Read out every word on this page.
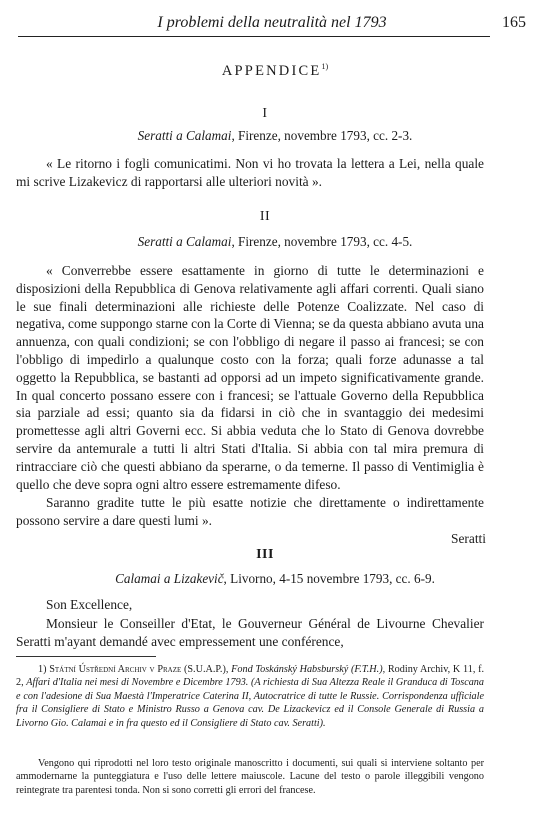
I problemi della neutralità nel 1793	165
APPENDICE$^{1)}$
I
Seratti a Calamai, Firenze, novembre 1793, cc. 2-3.
« Le ritorno i fogli comunicatimi. Non vi ho trovata la lettera a Lei, nella quale mi scrive Lizakevicz di rapportarsi alle ulteriori novità ».
II
Seratti a Calamai, Firenze, novembre 1793, cc. 4-5.
« Converrebbe essere esattamente in giorno di tutte le determinazioni e disposizioni della Repubblica di Genova relativamente agli affari correnti. Quali siano le sue finali determinazioni alle richieste delle Potenze Coalizzate. Nel caso di negativa, come suppongo starne con la Corte di Vienna; se da questa abbiano avuta una annuenza, con quali condizioni; se con l'obbligo di negare il passo ai francesi; se con l'obbligo di impedirlo a qualunque costo con la forza; quali forze adunasse a tal oggetto la Repubblica, se bastanti ad opporsi ad un impeto significativamente grande. In qual concerto possano essere con i francesi; se l'attuale Governo della Repubblica sia parziale ad essi; quanto sia da fidarsi in ciò che in svantaggio dei medesimi promettesse agli altri Governi ecc. Si abbia veduta che lo Stato di Genova dovrebbe servire da antemurale a tutti li altri Stati d'Italia. Si abbia con tal mira premura di rintracciare ciò che questi abbiano da sperarne, o da temerne. Il passo di Ventimiglia è quello che deve sopra ogni altro essere estremamente difeso.
Saranno gradite tutte le più esatte notizie che direttamente o indirettamente possono servire a dare questi lumi ».
Seratti
III
Calamai a Lizakevič, Livorno, 4-15 novembre 1793, cc. 6-9.
Son Excellence,
Monsieur le Conseiller d'Etat, le Gouverneur Général de Livourne Chevalier Seratti m'ayant demandé avec empressement une conférence,
1) Státní Ústřední Archiv v Praze (S.U.A.P.), Fond Toskánský Habsburský (F.T.H.), Rodiny Archiv, K 11, f. 2, Affari d'Italia nei mesi di Novembre e Dicembre 1793. (A richiesta di Sua Altezza Reale il Granduca di Toscana e con l'adesione di Sua Maestà l'Imperatrice Caterina II, Autocratrice di tutte le Russie. Corrispondenza ufficiale fra il Consigliere di Stato e Ministro Russo a Genova cav. De Lizackevicz ed il Console Generale di Russia a Livorno Gio. Calamai e in fra questo ed il Consigliere di Stato cav. Seratti).
Vengono qui riprodotti nel loro testo originale manoscritto i documenti, sui quali si interviene soltanto per ammodernarne la punteggiatura e l'uso delle lettere maiuscole. Lacune del testo o parole illeggibili vengono reintegrate tra parentesi tonda. Non si sono corretti gli errori del francese.
